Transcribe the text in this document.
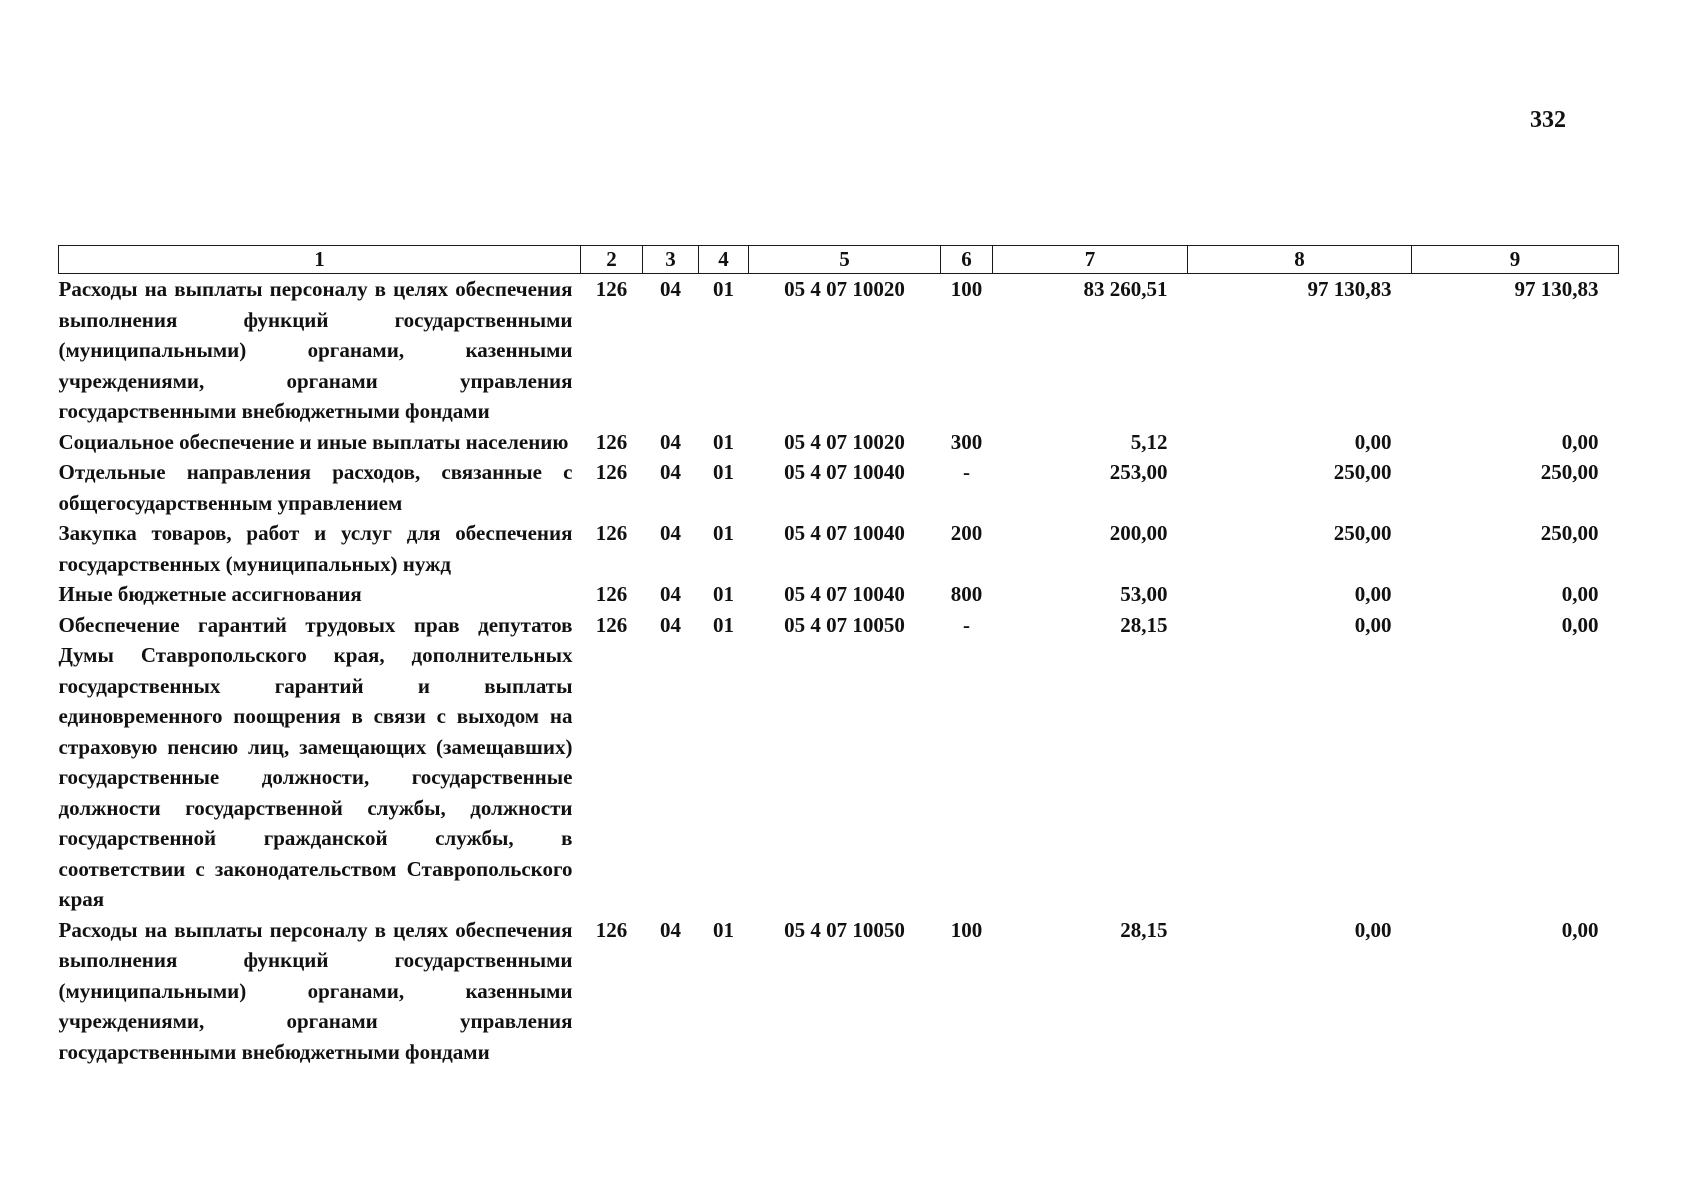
332
1	2	3	4	5	6	7	8	9
Расходы на выплаты персоналу в целях обеспечения выполнения функций государственными (муниципальными) органами, казенными учреждениями, органами управления государственными внебюджетными фондами	126	04	01	05 4 07 10020	100	83 260,51	97 130,83	97 130,83
Социальное обеспечение и иные выплаты населению	126	04	01	05 4 07 10020	300	5,12	0,00	0,00
Отдельные направления расходов, связанные с общегосударственным управлением	126	04	01	05 4 07 10040	-	253,00	250,00	250,00
Закупка товаров, работ и услуг для обеспечения государственных (муниципальных) нужд	126	04	01	05 4 07 10040	200	200,00	250,00	250,00
Иные бюджетные ассигнования	126	04	01	05 4 07 10040	800	53,00	0,00	0,00
Обеспечение гарантий трудовых прав депутатов Думы Ставропольского края, дополнительных государственных гарантий и выплаты единовременного поощрения в связи с выходом на страховую пенсию лиц, замещающих (замещавших) государственные должности, государственные должности государственной службы, должности государственной гражданской службы, в соответствии с законодательством Ставропольского края	126	04	01	05 4 07 10050	-	28,15	0,00	0,00
Расходы на выплаты персоналу в целях обеспечения выполнения функций государственными (муниципальными) органами, казенными учреждениями, органами управления государственными внебюджетными фондами	126	04	01	05 4 07 10050	100	28,15	0,00	0,00
